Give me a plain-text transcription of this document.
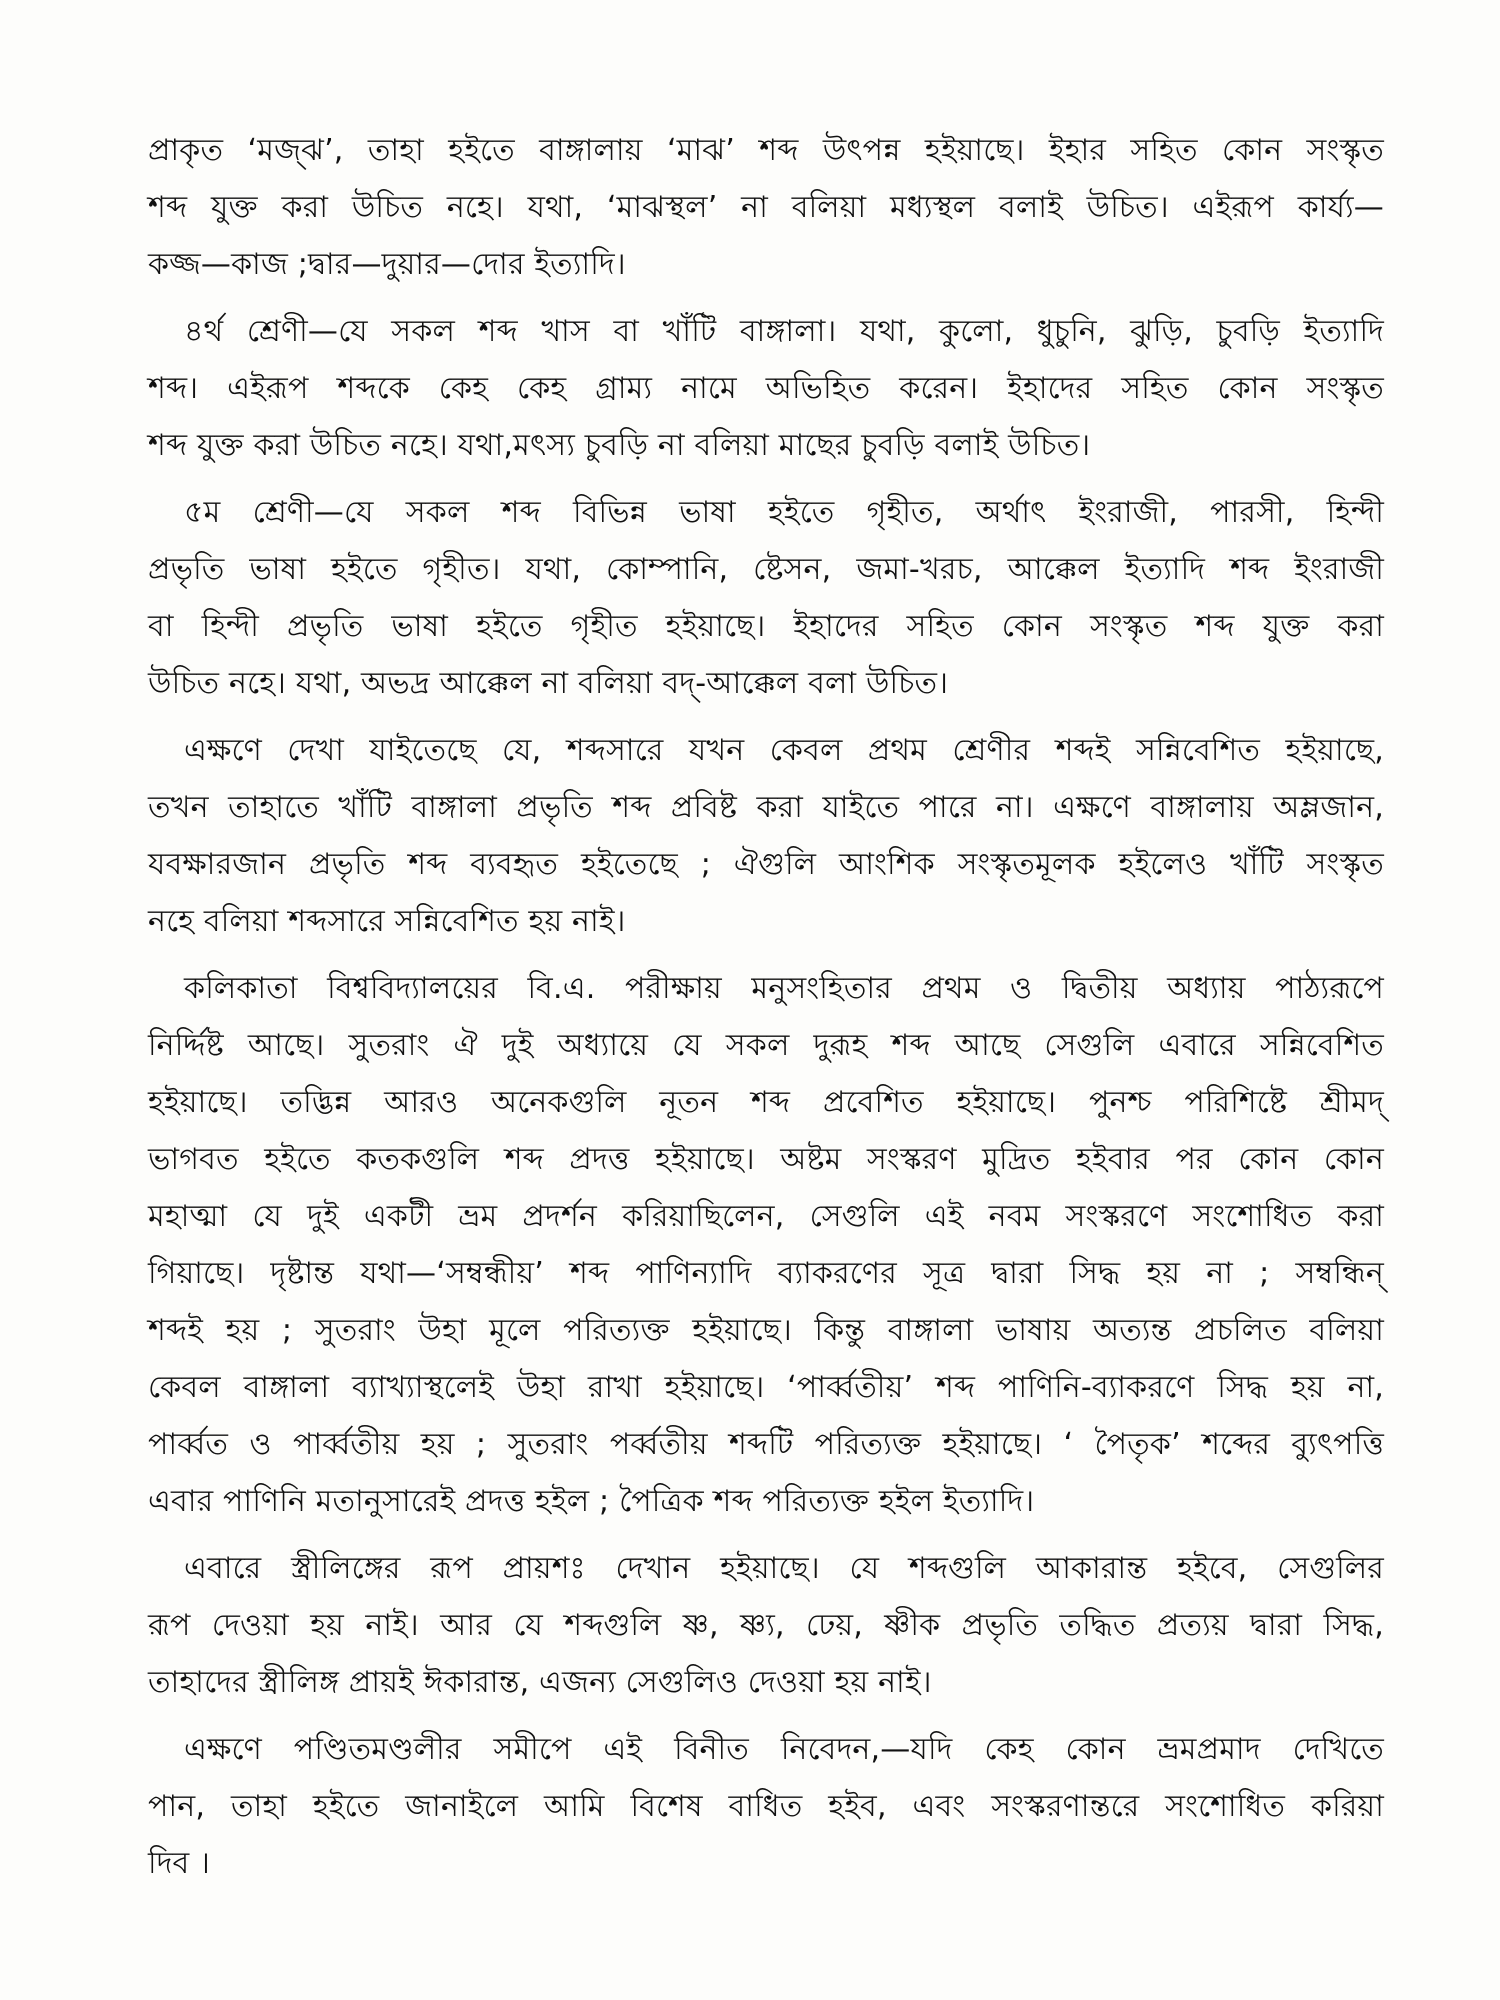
প্রাকৃত ‘মজ্‌ঝ’, তাহা হইতে বাঙ্গালায় ‘মাঝ’ শব্দ উৎপন্ন হইয়াছে। ইহার সহিত কোন সংস্কৃত
শব্দ যুক্ত করা উচিত নহে। যথা, ‘মাঝস্থল’ না বলিয়া মধ্যস্থল বলাই উচিত। এইরূপ কার্য্য—
কজ্জ—কাজ ;দ্বার—দুয়ার—দোর ইত্যাদি।
৪র্থ শ্রেণী—যে সকল শব্দ খাস বা খাঁটি বাঙ্গালা। যথা, কুলো, ধুচুনি, ঝুড়ি, চুবড়ি ইত্যাদি
শব্দ। এইরূপ শব্দকে কেহ কেহ গ্রাম্য নামে অভিহিত করেন। ইহাদের সহিত কোন সংস্কৃত
শব্দ যুক্ত করা উচিত নহে। যথা,মৎস্য চুবড়ি না বলিয়া মাছের চুবড়ি বলাই উচিত।
৫ম শ্রেণী—যে সকল শব্দ বিভিন্ন ভাষা হইতে গৃহীত, অর্থাৎ ইংরাজী, পারসী, হিন্দী
প্রভৃতি ভাষা হইতে গৃহীত। যথা, কোম্পানি, ষ্টেসন, জমা-খরচ, আক্কেল ইত্যাদি শব্দ ইংরাজী
বা হিন্দী প্রভৃতি ভাষা হইতে গৃহীত হইয়াছে। ইহাদের সহিত কোন সংস্কৃত শব্দ যুক্ত করা
উচিত নহে। যথা, অভদ্র আক্কেল না বলিয়া বদ্-আক্কেল বলা উচিত।
এক্ষণে দেখা যাইতেছে যে, শব্দসারে যখন কেবল প্রথম শ্রেণীর শব্দই সন্নিবেশিত হইয়াছে,
তখন তাহাতে খাঁটি বাঙ্গালা প্রভৃতি শব্দ প্রবিষ্ট করা যাইতে পারে না। এক্ষণে বাঙ্গালায় অম্লজান,
যবক্ষারজান প্রভৃতি শব্দ ব্যবহৃত হইতেছে ; ঐগুলি আংশিক সংস্কৃতমূলক হইলেও খাঁটি সংস্কৃত
নহে বলিয়া শব্দসারে সন্নিবেশিত হয় নাই।
কলিকাতা বিশ্ববিদ্যালয়ের বি.এ. পরীক্ষায় মনুসংহিতার প্রথম ও দ্বিতীয় অধ্যায় পাঠ্যরূপে
নির্দ্দিষ্ট আছে। সুতরাং ঐ দুই অধ্যায়ে যে সকল দুরূহ শব্দ আছে সেগুলি এবারে সন্নিবেশিত
হইয়াছে। তদ্ভিন্ন আরও অনেকগুলি নূতন শব্দ প্রবেশিত হইয়াছে। পুনশ্চ পরিশিষ্টে শ্রীমদ্
ভাগবত হইতে কতকগুলি শব্দ প্রদত্ত হইয়াছে। অষ্টম সংস্করণ মুদ্রিত হইবার পর কোন কোন
মহাত্মা যে দুই একটী ভ্রম প্রদর্শন করিয়াছিলেন, সেগুলি এই নবম সংস্করণে সংশোধিত করা
গিয়াছে। দৃষ্টান্ত যথা—‘সম্বন্ধীয়’ শব্দ পাণিন্যাদি ব্যাকরণের সূত্র দ্বারা সিদ্ধ হয় না ; সম্বন্ধিন্
শব্দই হয় ; সুতরাং উহা মূলে পরিত্যক্ত হইয়াছে। কিন্তু বাঙ্গালা ভাষায় অত্যন্ত প্রচলিত বলিয়া
কেবল বাঙ্গালা ব্যাখ্যাস্থলেই উহা রাখা হইয়াছে। ‘পার্ব্বতীয়’ শব্দ পাণিনি-ব্যাকরণে সিদ্ধ হয় না,
পার্ব্বত ও পার্ব্বতীয় হয় ; সুতরাং পর্ব্বতীয় শব্দটি পরিত্যক্ত হইয়াছে। ‘ পৈতৃক’ শব্দের ব্যুৎপত্তি
এবার পাণিনি মতানুসারেই প্রদত্ত হইল ; পৈত্রিক শব্দ পরিত্যক্ত হইল ইত্যাদি।
এবারে স্ত্রীলিঙ্গের রূপ প্রায়শঃ দেখান হইয়াছে। যে শব্দগুলি আকারান্ত হইবে, সেগুলির
রূপ দেওয়া হয় নাই। আর যে শব্দগুলি ষ্ণ, ষ্ণ্য, ঢেয়, ষ্ণীক প্রভৃতি তদ্ধিত প্রত্যয় দ্বারা সিদ্ধ,
তাহাদের স্ত্রীলিঙ্গ প্রায়ই ঈকারান্ত, এজন্য সেগুলিও দেওয়া হয় নাই।
এক্ষণে পণ্ডিতমণ্ডলীর সমীপে এই বিনীত নিবেদন,—যদি কেহ কোন ভ্রমপ্রমাদ দেখিতে
পান, তাহা হইতে জানাইলে আমি বিশেষ বাধিত হইব, এবং সংস্করণান্তরে সংশোধিত করিয়া
দিব ।
